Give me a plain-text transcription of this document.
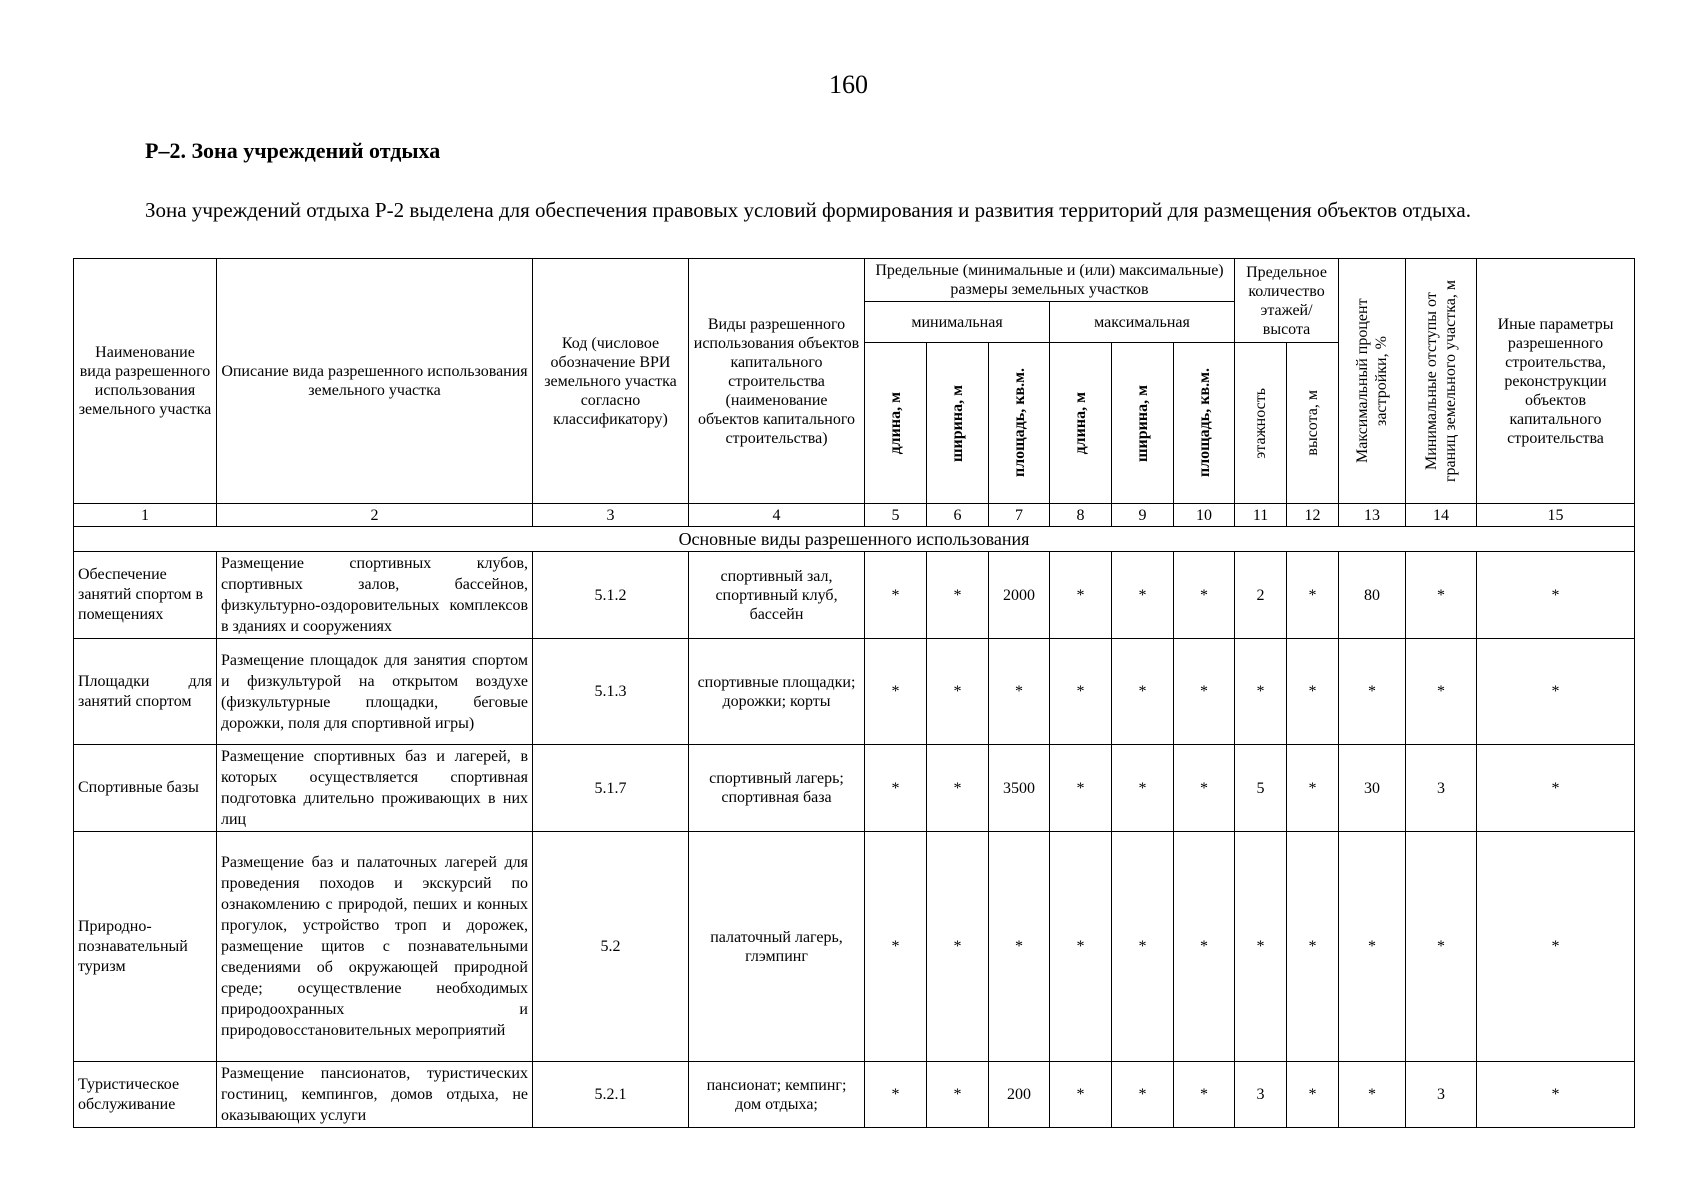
160
Р–2. Зона учреждений отдыха
Зона учреждений отдыха Р-2 выделена для обеспечения правовых условий формирования и развития территорий для размещения объектов отдыха.
Наименование вида разрешенного использования земельного участка	Описание вида разрешенного использования земельного участка	Код (числовое обозначение ВРИ земельного участка согласно классификатору)	Виды разрешенного использования объектов капитального строительства (наименование объектов капитального строительства)	Предельные (минимальные и (или) максимальные) размеры земельных участков						Предельное количество этажей/ высота		Максимальный процент застройки, %	Минимальные отступы от границ земельного участка, м	Иные параметры разрешенного строительства, реконструкции объектов капитального строительства
				минимальная			максимальная							

				длина, м	ширина, м	площадь, кв.м.	длина, м	ширина, м	площадь, кв.м.	этажность	высота, м			

1	2	3	4	5	6	7	8	9	10	11	12	13	14	15
Основные виды разрешенного использования														
Обеспечение занятий спортом в помещениях	Размещение спортивных клубов, спортивных залов, бассейнов, физкультурно-оздоровительных комплексов в зданиях и сооружениях	5.1.2	спортивный зал, спортивный клуб, бассейн	*	*	2000	*	*	*	2	*	80	*	*
Площадки для занятий спортом	Размещение площадок для занятия спортом и физкультурой на открытом воздухе (физкультурные площадки, беговые дорожки, поля для спортивной игры)	5.1.3	спортивные площадки; дорожки; корты	*	*	*	*	*	*	*	*	*	*	*
Спортивные базы	Размещение спортивных баз и лагерей, в которых осуществляется спортивная подготовка длительно проживающих в них лиц	5.1.7	спортивный лагерь; спортивная база	*	*	3500	*	*	*	5	*	30	3	*
Природно-познавательный туризм	Размещение баз и палаточных лагерей для проведения походов и экскурсий по ознакомлению с природой, пеших и конных прогулок, устройство троп и дорожек, размещение щитов с познавательными сведениями об окружающей природной среде; осуществление необходимых природоохранных и природовосстановительных мероприятий	5.2	палаточный лагерь, глэмпинг	*	*	*	*	*	*	*	*	*	*	*
Туристическое обслуживание	Размещение пансионатов, туристических гостиниц, кемпингов, домов отдыха, не оказывающих услуги	5.2.1	пансионат; кемпинг; дом отдыха;	*	*	200	*	*	*	3	*	*	3	*
